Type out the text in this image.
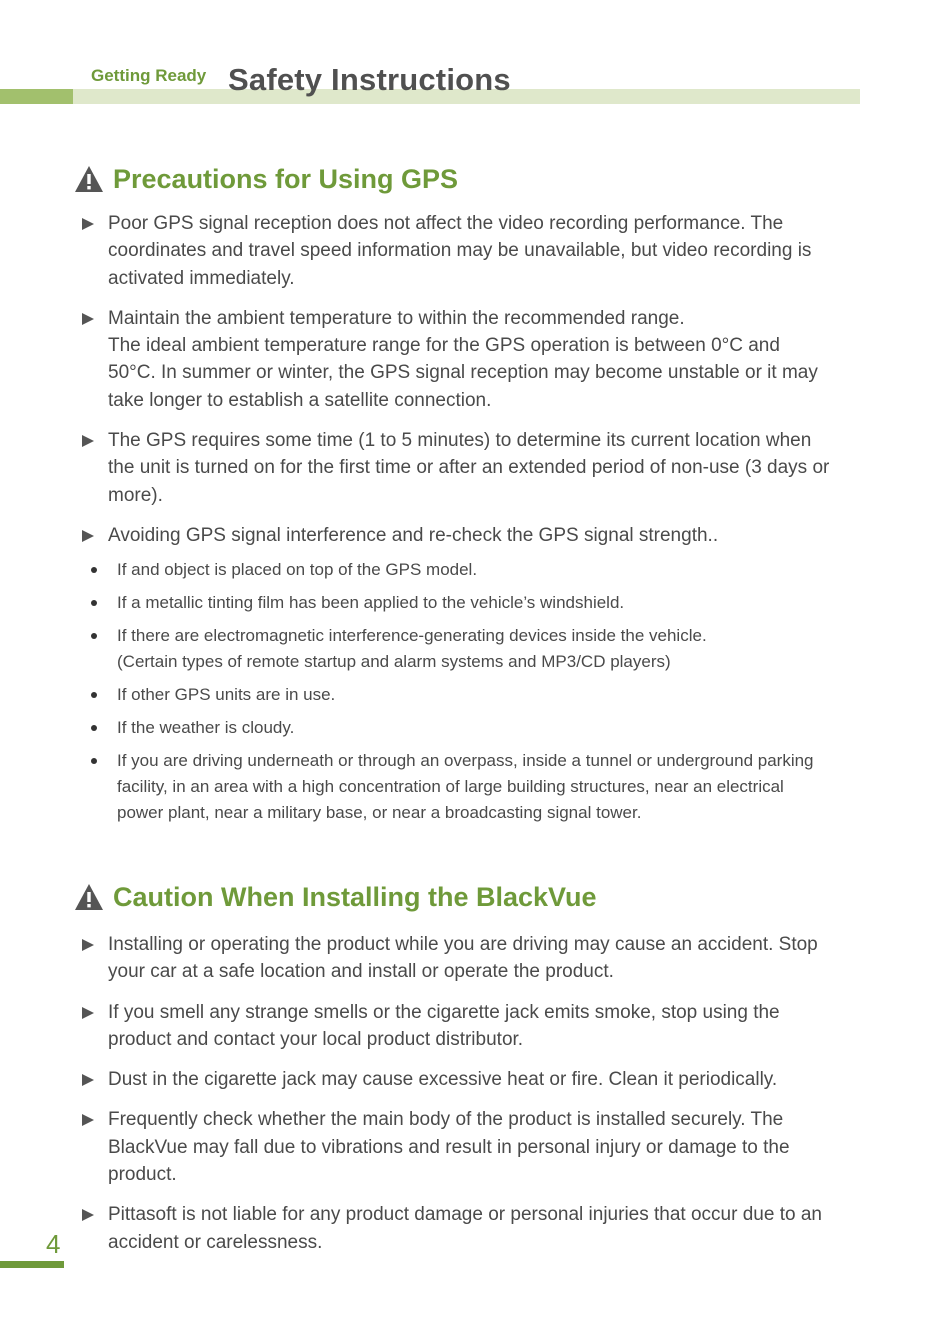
Getting Ready Safety Instructions
Precautions for Using GPS
Poor GPS signal reception does not affect the video recording performance. The
coordinates and travel speed information may be unavailable, but video recording is
activated immediately.
Maintain the ambient temperature to within the recommended range.
The ideal ambient temperature range for the GPS operation is between 0°C and
50°C. In summer or winter, the GPS signal reception may become unstable or it may
take longer to establish a satellite connection.
The GPS requires some time (1 to 5 minutes) to determine its current location when
the unit is turned on for the first time or after an extended period of non-use (3 days or
more).
Avoiding GPS signal interference and re-check the GPS signal strength..
If and object is placed on top of the GPS model.
If a metallic tinting film has been applied to the vehicle’s windshield.
If there are electromagnetic interference-generating devices inside the vehicle.
(Certain types of remote startup and alarm systems and MP3/CD players)
If other GPS units are in use.
If the weather is cloudy.
If you are driving underneath or through an overpass, inside a tunnel or underground parking
facility, in an area with a high concentration of large building structures, near an electrical
power plant, near a military base, or near a broadcasting signal tower.
Caution When Installing the BlackVue
Installing or operating the product while you are driving may cause an accident. Stop
your car at a safe location and install or operate the product.
If you smell any strange smells or the cigarette jack emits smoke, stop using the
product and contact your local product distributor.
Dust in the cigarette jack may cause excessive heat or fire. Clean it periodically.
Frequently check whether the main body of the product is installed securely. The
BlackVue may fall due to vibrations and result in personal injury or damage to the
product.
Pittasoft is not liable for any product damage or personal injuries that occur due to an
accident or carelessness.
4
